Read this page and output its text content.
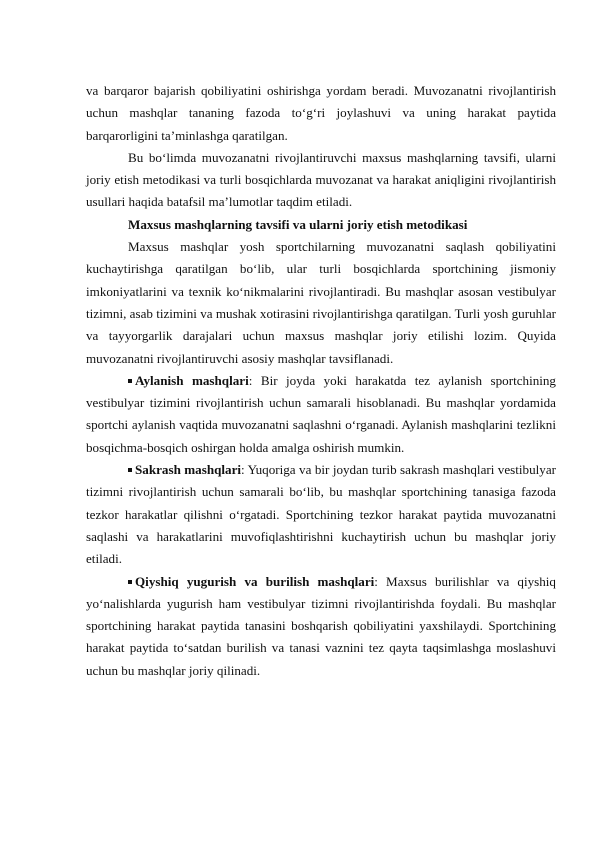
va barqaror bajarish qobiliyatini oshirishga yordam beradi. Muvozanatni rivojlantirish uchun mashqlar tananing fazoda to‘g‘ri joylashuvi va uning harakat paytida barqarorligini ta’minlashga qaratilgan.

Bu bo‘limda muvozanatni rivojlantiruvchi maxsus mashqlarning tavsifi, ularni joriy etish metodikasi va turli bosqichlarda muvozanat va harakat aniqligini rivojlantirish usullari haqida batafsil ma’lumotlar taqdim etiladi.

Maxsus mashqlarning tavsifi va ularni joriy etish metodikasi

Maxsus mashqlar yosh sportchilarning muvozanatni saqlash qobiliyatini kuchaytirishga qaratilgan bo‘lib, ular turli bosqichlarda sportchining jismoniy imkoniyatlarini va texnik ko‘nikmalarini rivojlantiradi. Bu mashqlar asosan vestibulyar tizimni, asab tizimini va mushak xotirasini rivojlantirishga qaratilgan. Turli yosh guruhlar va tayyorgarlik darajalari uchun maxsus mashqlar joriy etilishi lozim. Quyida muvozanatni rivojlantiruvchi asosiy mashqlar tavsiflanadi.

Aylanish mashqlari: Bir joyda yoki harakatda tez aylanish sportchining vestibulyar tizimini rivojlantirish uchun samarali hisoblanadi. Bu mashqlar yordamida sportchi aylanish vaqtida muvozanatni saqlashni o‘rganadi. Aylanish mashqlarini tezlikni bosqichma-bosqich oshirgan holda amalga oshirish mumkin.

Sakrash mashqlari: Yuqoriga va bir joydan turib sakrash mashqlari vestibulyar tizimni rivojlantirish uchun samarali bo‘lib, bu mashqlar sportchining tanasiga fazoda tezkor harakatlar qilishni o‘rgatadi. Sportchining tezkor harakat paytida muvozanatni saqlashi va harakatlarini muvofiqlashtirishni kuchaytirish uchun bu mashqlar joriy etiladi.

Qiyshiq yugurish va burilish mashqlari: Maxsus burilishlar va qiyshiq yo‘nalishlarda yugurish ham vestibulyar tizimni rivojlantirishda foydali. Bu mashqlar sportchining harakat paytida tanasini boshqarish qobiliyatini yaxshilaydi. Sportchining harakat paytida to‘satdan burilish va tanasi vaznini tez qayta taqsimlashga moslashuvi uchun bu mashqlar joriy qilinadi.
